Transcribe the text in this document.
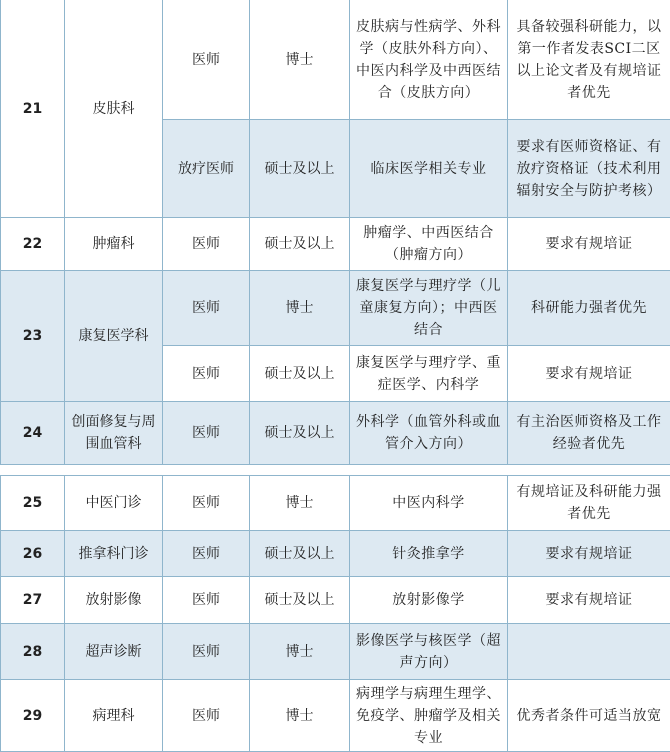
21	皮肤科	医师	博士	皮肤病与性病学、外科学（皮肤外科方向）、中医内科学及中西医结合（皮肤方向）	具备较强科研能力，以第一作者发表SCI二区以上论文者及有规培证者优先
		放疗医师	硕士及以上	临床医学相关专业	要求有医师资格证、有放疗资格证（技术利用辐射安全与防护考核）
22	肿瘤科	医师	硕士及以上	肿瘤学、中西医结合（肿瘤方向）	要求有规培证
23	康复医学科	医师	博士	康复医学与理疗学（儿童康复方向）；中西医结合	科研能力强者优先
		医师	硕士及以上	康复医学与理疗学、重症医学、内科学	要求有规培证
24	创面修复与周围血管科	医师	硕士及以上	外科学（血管外科或血管介入方向）	有主治医师资格及工作经验者优先
25	中医门诊	医师	博士	中医内科学	有规培证及科研能力强者优先
26	推拿科门诊	医师	硕士及以上	针灸推拿学	要求有规培证
27	放射影像	医师	硕士及以上	放射影像学	要求有规培证
28	超声诊断	医师	博士	影像医学与核医学（超声方向）	
29	病理科	医师	博士	病理学与病理生理学、免疫学、肿瘤学及相关专业	优秀者条件可适当放宽
